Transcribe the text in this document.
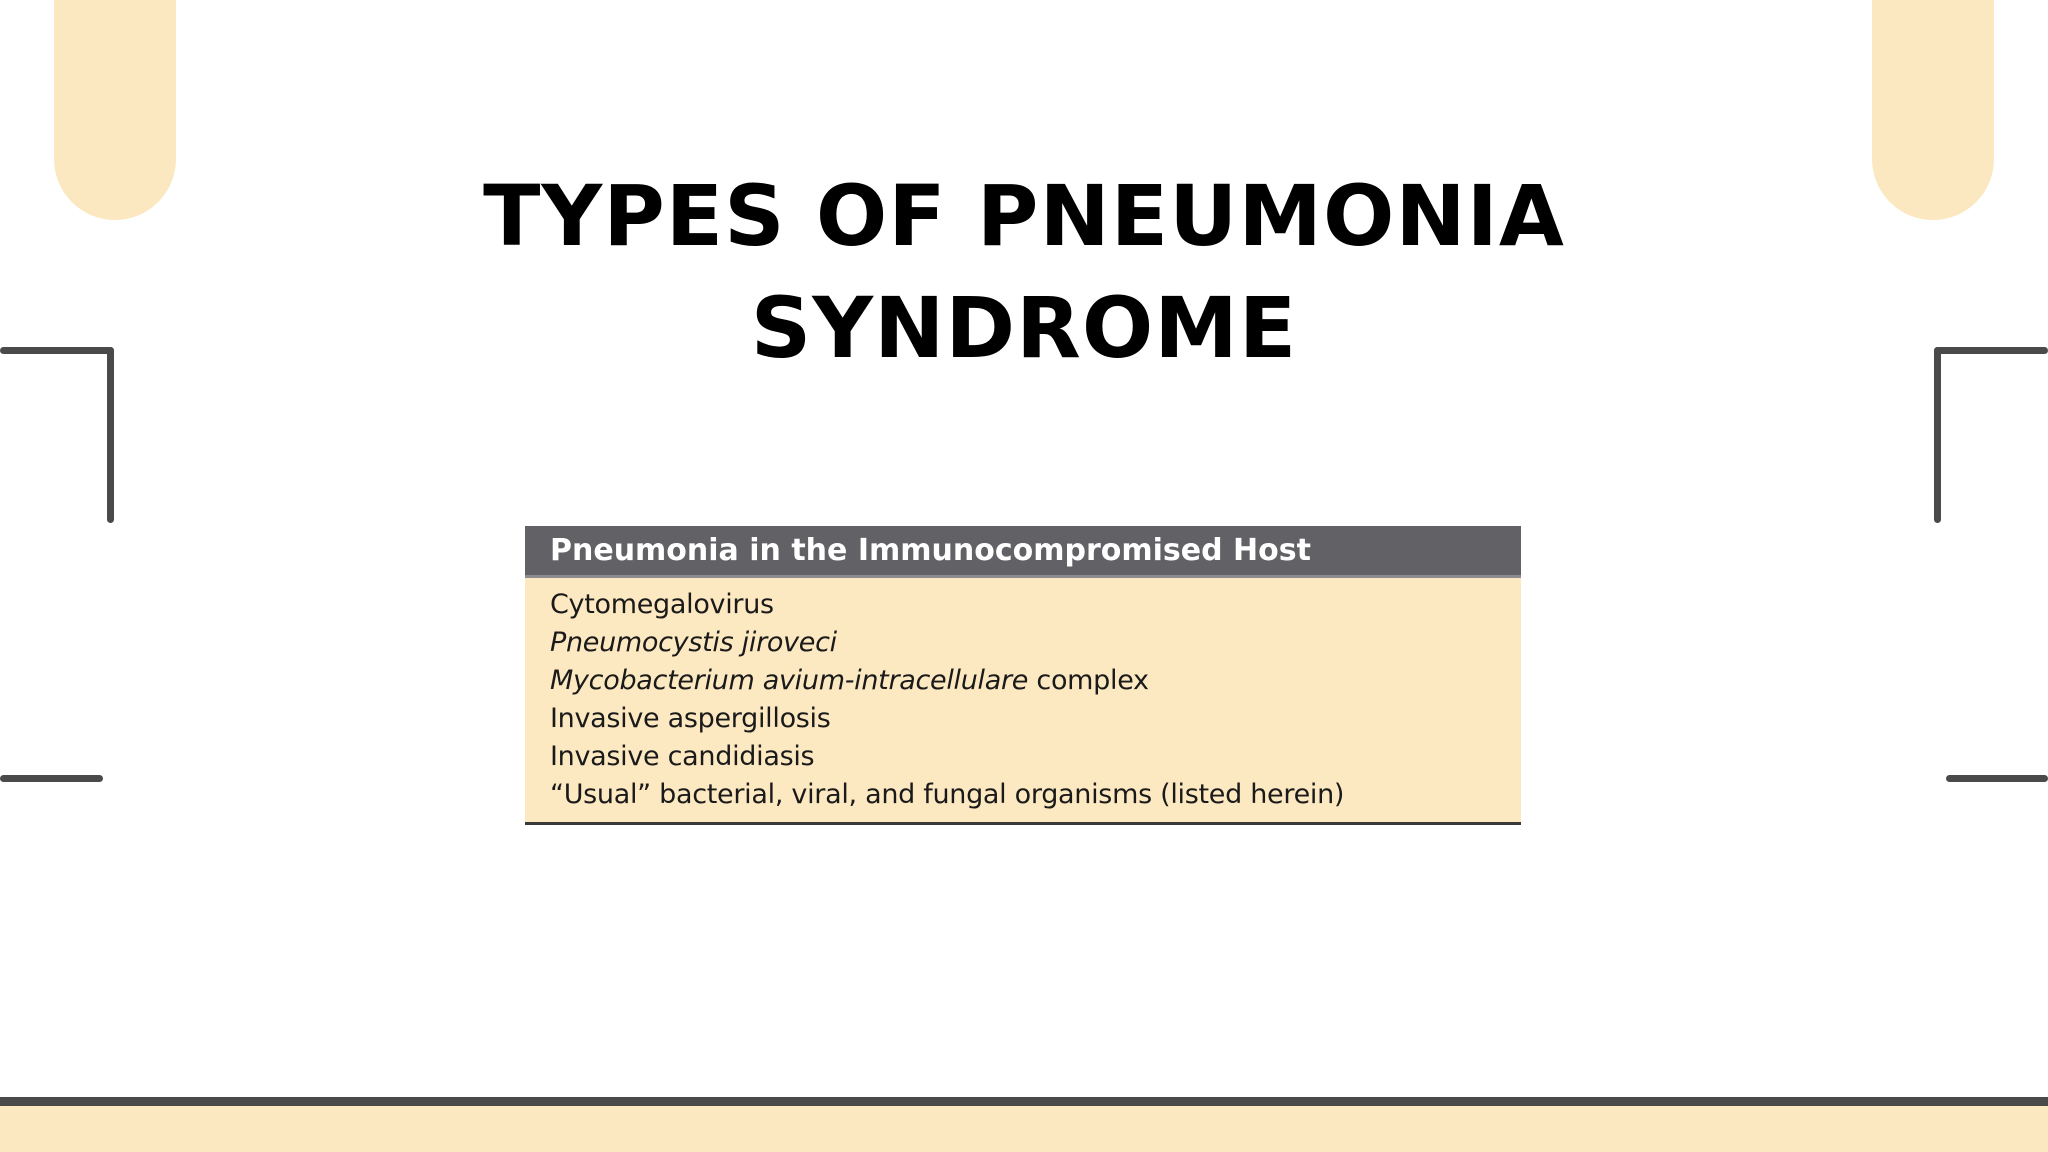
TYPES OF PNEUMONIA
SYNDROME
Pneumonia in the Immunocompromised Host
Cytomegalovirus
Pneumocystis jiroveci
Mycobacterium avium-intracellulare complex
Invasive aspergillosis
Invasive candidiasis
“Usual” bacterial, viral, and fungal organisms (listed herein)
